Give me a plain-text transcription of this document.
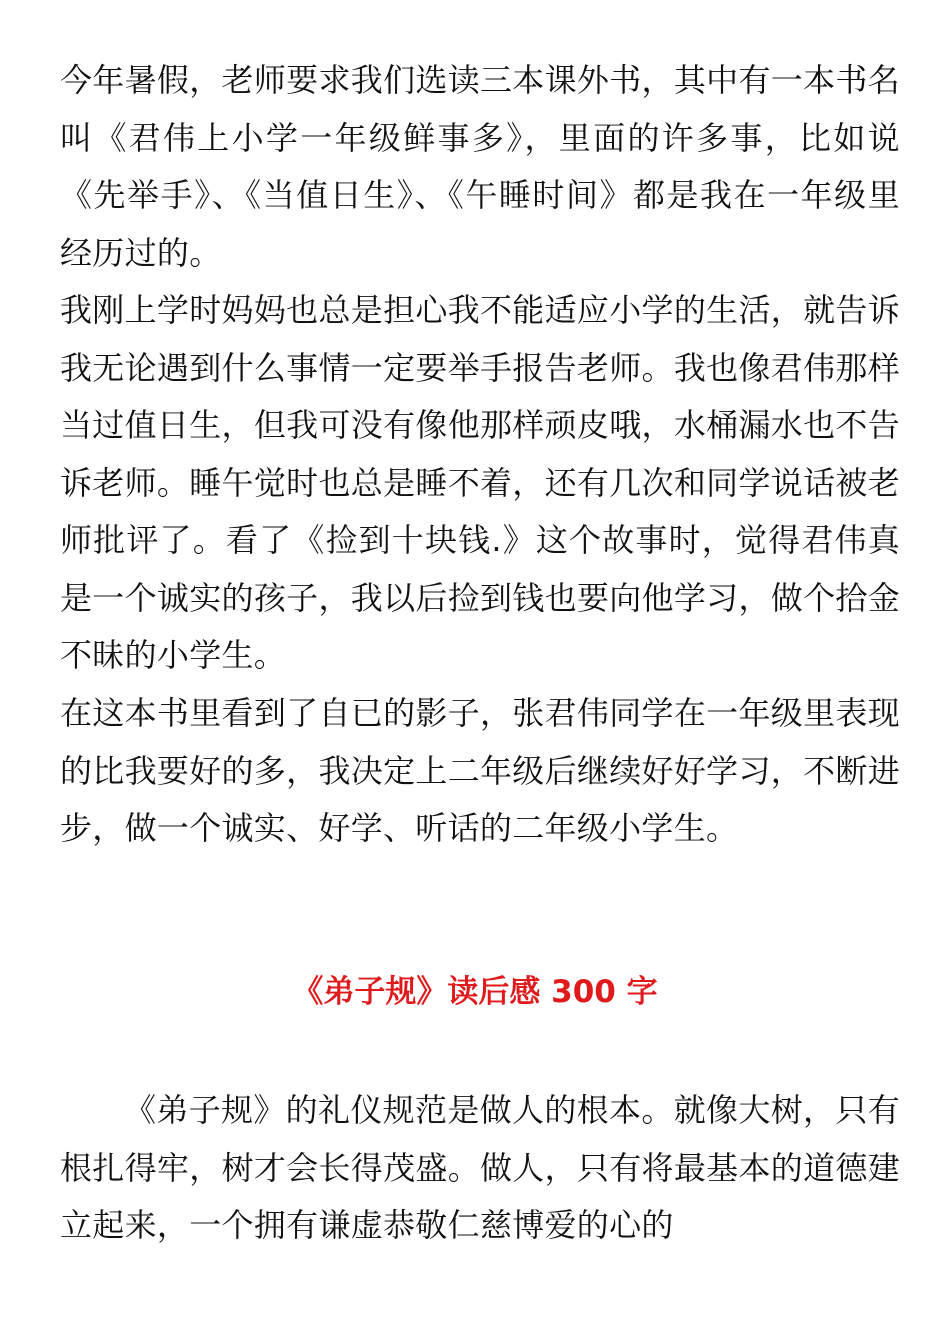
今年暑假，老师要求我们选读三本课外书，其中有一本书名叫《君伟上小学一年级鲜事多》，里面的许多事，比如说《先举手》、《当值日生》、《午睡时间》都是我在一年级里经历过的。

我刚上学时妈妈也总是担心我不能适应小学的生活，就告诉我无论遇到什么事情一定要举手报告老师。我也像君伟那样当过值日生，但我可没有像他那样顽皮哦，水桶漏水也不告诉老师。睡午觉时也总是睡不着，还有几次和同学说话被老师批评了。看了《捡到十块钱.》这个故事时，觉得君伟真是一个诚实的孩子，我以后捡到钱也要向他学习，做个拾金不昧的小学生。

在这本书里看到了自已的影子，张君伟同学在一年级里表现的比我要好的多，我决定上二年级后继续好好学习，不断进步，做一个诚实、好学、听话的二年级小学生。

《弟子规》读后感 300 字

《弟子规》的礼仪规范是做人的根本。就像大树，只有根扎得牢，树才会长得茂盛。做人，只有将最基本的道德建立起来，一个拥有谦虚恭敬仁慈博爱的心的
